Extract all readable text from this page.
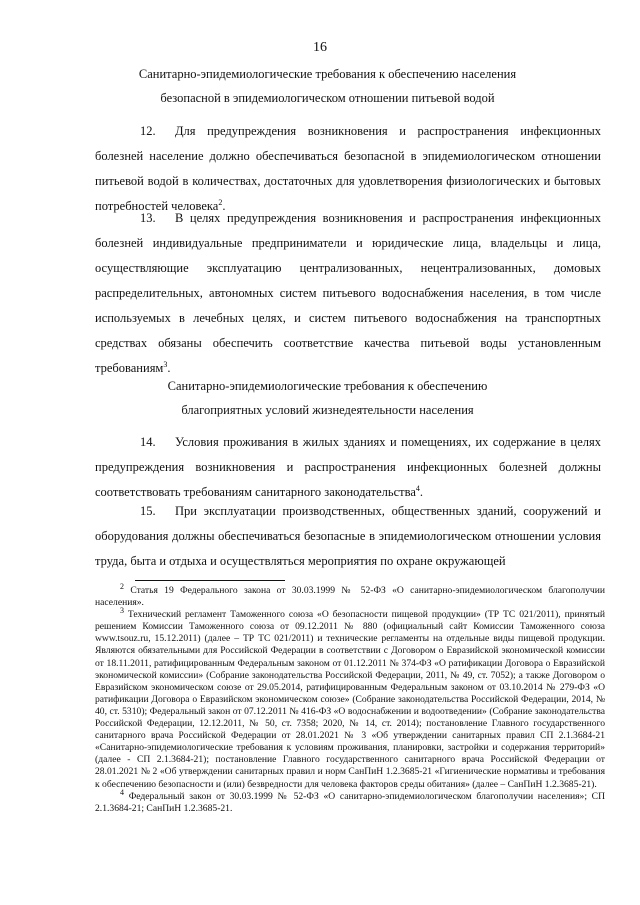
16
Санитарно-эпидемиологические требования к обеспечению населения
безопасной в эпидемиологическом отношении питьевой водой
12. Для предупреждения возникновения и распространения инфекционных болезней население должно обеспечиваться безопасной в эпидемиологическом отношении питьевой водой в количествах, достаточных для удовлетворения физиологических и бытовых потребностей человека$^2$.
13. В целях предупреждения возникновения и распространения инфекционных болезней индивидуальные предприниматели и юридические лица, владельцы и лица, осуществляющие эксплуатацию централизованных, нецентрализованных, домовых распределительных, автономных систем питьевого водоснабжения населения, в том числе используемых в лечебных целях, и систем питьевого водоснабжения на транспортных средствах обязаны обеспечить соответствие качества питьевой воды установленным требованиям$^3$.
Санитарно-эпидемиологические требования к обеспечению
благоприятных условий жизнедеятельности населения
14. Условия проживания в жилых зданиях и помещениях, их содержание в целях предупреждения возникновения и распространения инфекционных болезней должны соответствовать требованиям санитарного законодательства$^4$.
15. При эксплуатации производственных, общественных зданий, сооружений и оборудования должны обеспечиваться безопасные в эпидемиологическом отношении условия труда, быта и отдыха и осуществляться мероприятия по охране окружающей

$^2$ Статья 19 Федерального закона от 30.03.1999 № 52-ФЗ «О санитарно-эпидемиологическом благополучии населения».

$^3$ Технический регламент Таможенного союза «О безопасности пищевой продукции» (ТР ТС 021/2011), принятый решением Комиссии Таможенного союза от 09.12.2011 № 880 (официальный сайт Комиссии Таможенного союза www.tsouz.ru, 15.12.2011) (далее – ТР ТС 021/2011) и технические регламенты на отдельные виды пищевой продукции. Являются обязательными для Российской Федерации в соответствии с Договором о Евразийской экономической комиссии от 18.11.2011, ратифицированным Федеральным законом от 01.12.2011 № 374-ФЗ «О ратификации Договора о Евразийской экономической комиссии» (Собрание законодательства Российской Федерации, 2011, № 49, ст. 7052); а также Договором о Евразийском экономическом союзе от 29.05.2014, ратифицированным Федеральным законом от 03.10.2014 № 279-ФЗ «О ратификации Договора о Евразийском экономическом союзе» (Собрание законодательства Российской Федерации, 2014, № 40, ст. 5310); Федеральный закон от 07.12.2011 № 416-ФЗ «О водоснабжении и водоотведении» (Собрание законодательства Российской Федерации, 12.12.2011, № 50, ст. 7358; 2020, № 14, ст. 2014); постановление Главного государственного санитарного врача Российской Федерации от 28.01.2021 № 3 «Об утверждении санитарных правил СП 2.1.3684-21 «Санитарно-эпидемиологические требования к условиям проживания, планировки, застройки и содержания территорий» (далее - СП 2.1.3684-21); постановление Главного государственного санитарного врача Российской Федерации от 28.01.2021 № 2 «Об утверждении санитарных правил и норм СанПиН 1.2.3685-21 «Гигиенические нормативы и требования к обеспечению безопасности и (или) безвредности для человека факторов среды обитания» (далее – СанПиН 1.2.3685-21).

$^4$ Федеральный закон от 30.03.1999 № 52-ФЗ «О санитарно-эпидемиологическом благополучии населения»; СП 2.1.3684-21; СанПиН 1.2.3685-21.
